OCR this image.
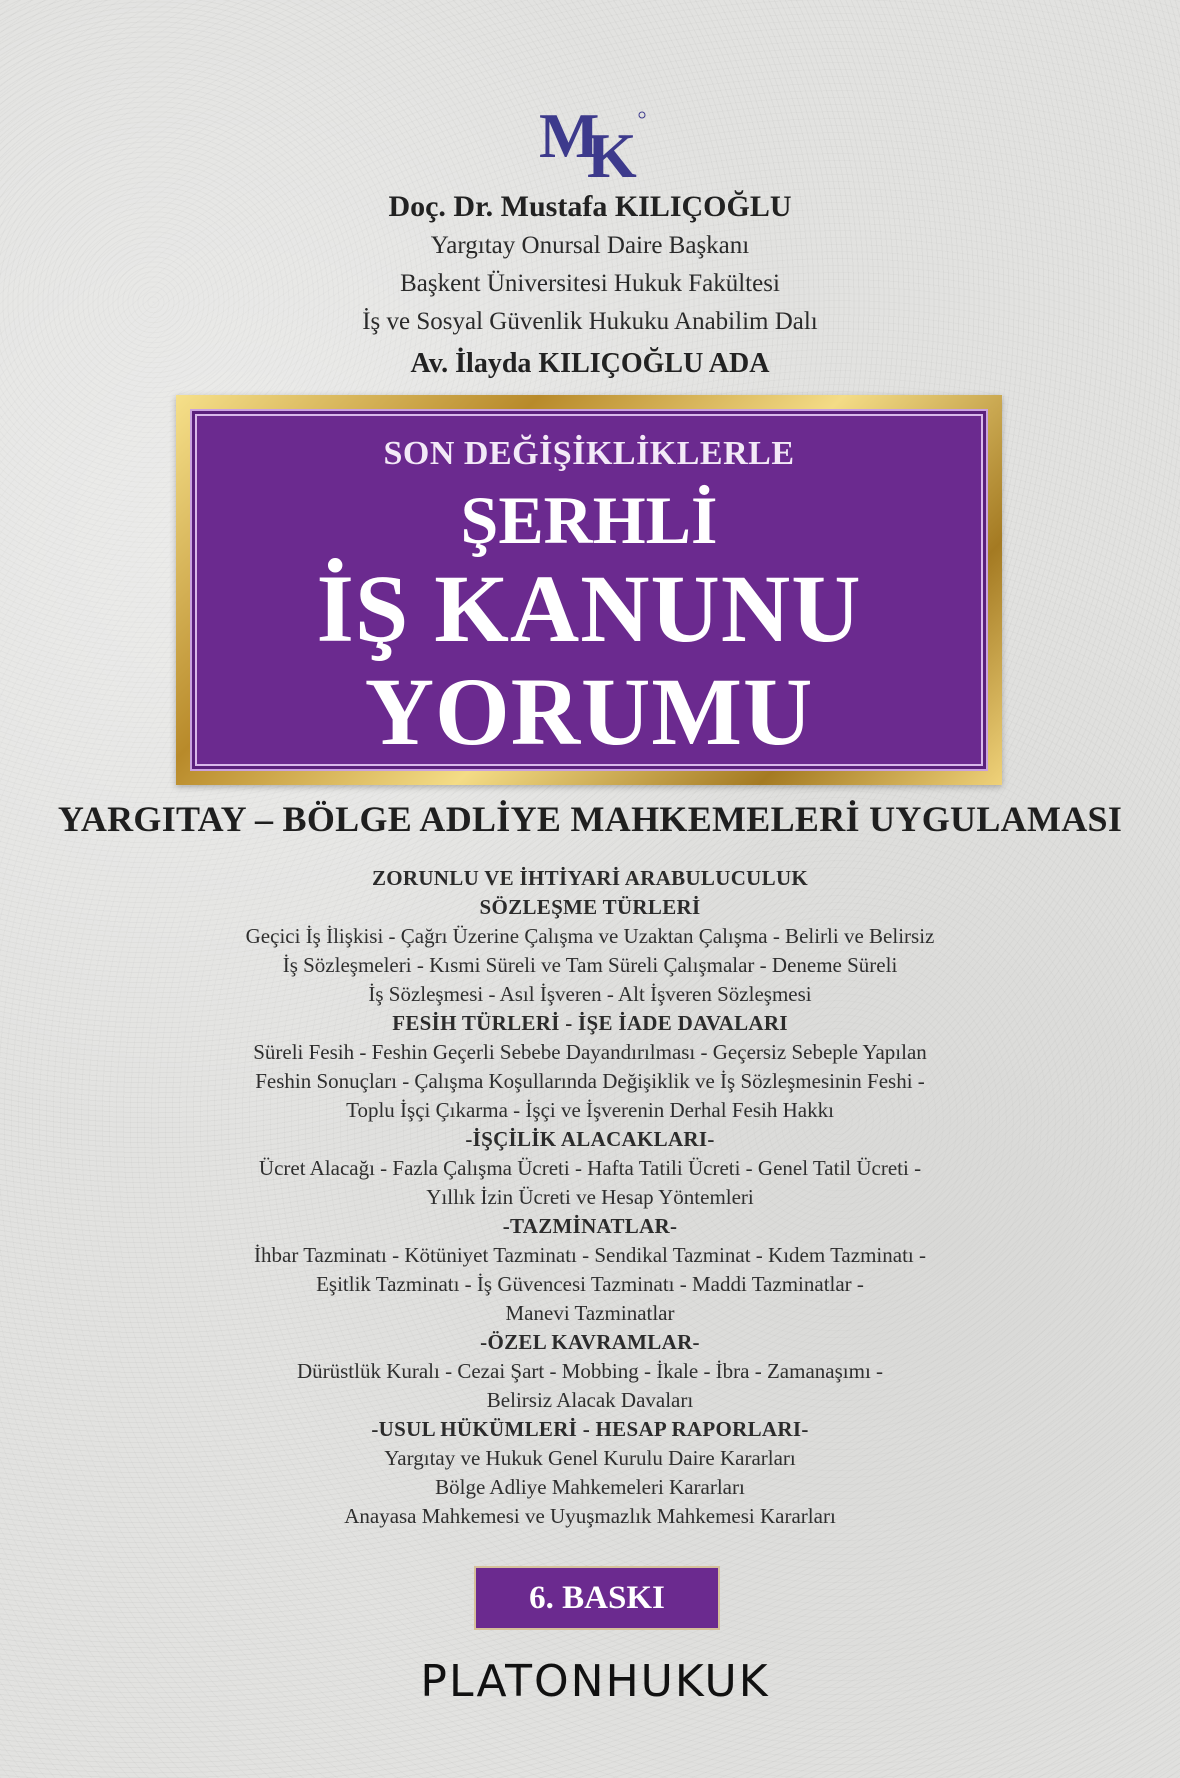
M
K
Doç. Dr. Mustafa KILIÇOĞLU
Yargıtay Onursal Daire Başkanı
Başkent Üniversitesi Hukuk Fakültesi
İş ve Sosyal Güvenlik Hukuku Anabilim Dalı
Av. İlayda KILIÇOĞLU ADA
SON DEĞİŞİKLİKLERLE
ŞERHLİ
İŞ KANUNU
YORUMU
YARGITAY – BÖLGE ADLİYE MAHKEMELERİ UYGULAMASI
ZORUNLU VE İHTİYARİ ARABULUCULUK
SÖZLEŞME TÜRLERİ
Geçici İş İlişkisi - Çağrı Üzerine Çalışma ve Uzaktan Çalışma - Belirli ve Belirsiz
İş Sözleşmeleri - Kısmi Süreli ve Tam Süreli Çalışmalar - Deneme Süreli
İş Sözleşmesi - Asıl İşveren - Alt İşveren Sözleşmesi
FESİH TÜRLERİ - İŞE İADE DAVALARI
Süreli Fesih - Feshin Geçerli Sebebe Dayandırılması - Geçersiz Sebeple Yapılan
Feshin Sonuçları - Çalışma Koşullarında Değişiklik ve İş Sözleşmesinin Feshi -
Toplu İşçi Çıkarma - İşçi ve İşverenin Derhal Fesih Hakkı
-İŞÇİLİK ALACAKLARI-
Ücret Alacağı - Fazla Çalışma Ücreti - Hafta Tatili Ücreti - Genel Tatil Ücreti -
Yıllık İzin Ücreti ve Hesap Yöntemleri
-TAZMİNATLAR-
İhbar Tazminatı - Kötüniyet Tazminatı - Sendikal Tazminat - Kıdem Tazminatı -
Eşitlik Tazminatı - İş Güvencesi Tazminatı - Maddi Tazminatlar -
Manevi Tazminatlar
-ÖZEL KAVRAMLAR-
Dürüstlük Kuralı - Cezai Şart - Mobbing - İkale - İbra - Zamanaşımı -
Belirsiz Alacak Davaları
-USUL HÜKÜMLERİ - HESAP RAPORLARI-
Yargıtay ve Hukuk Genel Kurulu Daire Kararları
Bölge Adliye Mahkemeleri Kararları
Anayasa Mahkemesi ve Uyuşmazlık Mahkemesi Kararları
6. BASKI
PLATONHUKUK
